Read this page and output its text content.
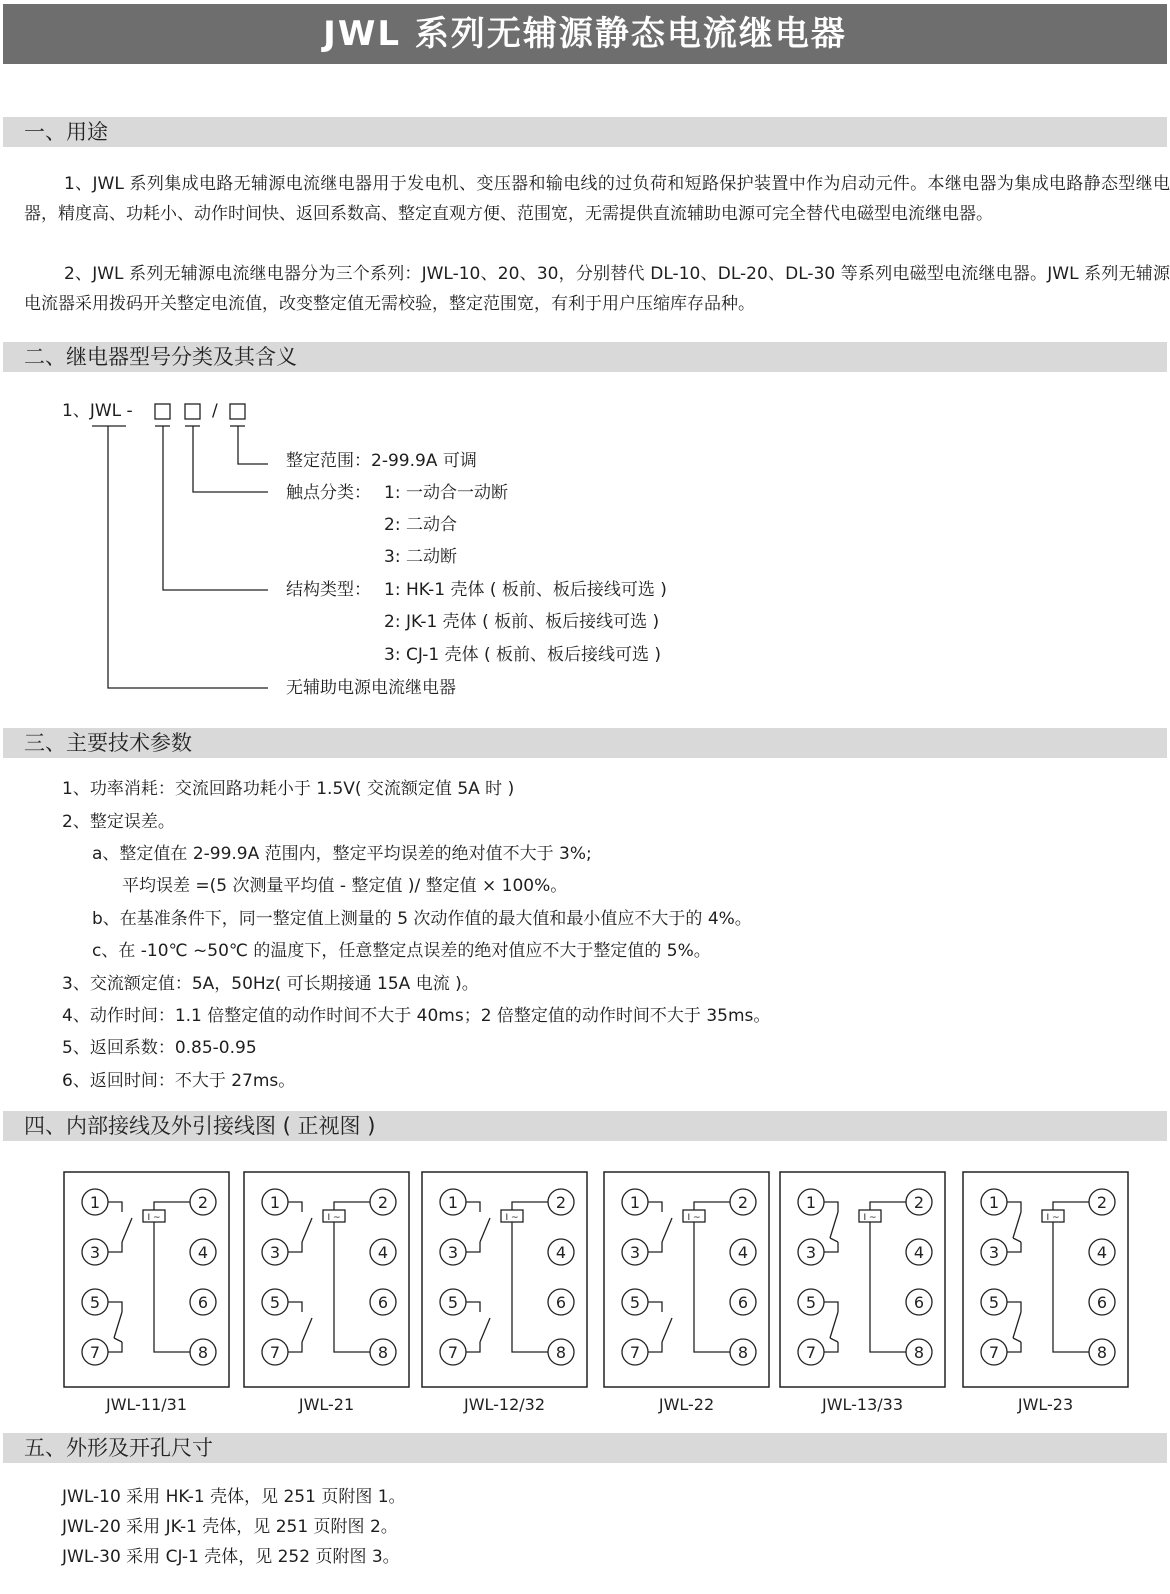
JWL 系列无辅源静态电流继电器
一、用途
1、JWL 系列集成电路无辅源电流继电器用于发电机、变压器和输电线的过负荷和短路保护装置中作为启动元件。本继电器为集成电路静态型继电器，精度高、功耗小、动作时间快、返回系数高、整定直观方便、范围宽，无需提供直流辅助电源可完全替代电磁型电流继电器。
2、JWL 系列无辅源电流继电器分为三个系列：JWL-10、20、30，分别替代 DL-10、DL-20、DL-30 等系列电磁型电流继电器。JWL 系列无辅源电流器采用拨码开关整定电流值，改变整定值无需校验，整定范围宽，有利于用户压缩库存品种。
二、继电器型号分类及其含义
1、JWL -	/
整定范围：2-99.9A 可调
触点分类： 1: 一动合一动断
2: 二动合
3: 二动断
结构类型： 1: HK-1 壳体 ( 板前、板后接线可选 )
2: JK-1 壳体 ( 板前、板后接线可选 )
3: CJ-1 壳体 ( 板前、板后接线可选 )
无辅助电源电流继电器
三、主要技术参数
1、功率消耗：交流回路功耗小于 1.5V( 交流额定值 5A 时 )
2、整定误差。
a、整定值在 2-99.9A 范围内，整定平均误差的绝对值不大于 3%;
平均误差 =(5 次测量平均值 - 整定值 )/ 整定值 × 100%。
b、在基准条件下，同一整定值上测量的 5 次动作值的最大值和最小值应不大于的 4%。
c、在 -10℃ ~50℃ 的温度下，任意整定点误差的绝对值应不大于整定值的 5%。
3、交流额定值：5A，50Hz( 可长期接通 15A 电流 )。
4、动作时间：1.1 倍整定值的动作时间不大于 40ms；2 倍整定值的动作时间不大于 35ms。
5、返回系数：0.85-0.95
6、返回时间：不大于 27ms。
四、内部接线及外引接线图 ( 正视图 )
1	2
3	4
5	6
7	8
I ~
JWL-11/31
1	2
3	4
5	6
7	8
I ~
JWL-21
1	2
3	4
5	6
7	8
I ~
JWL-12/32
1	2
3	4
5	6
7	8
I ~
JWL-22
1	2
3	4
5	6
7	8
I ~
JWL-13/33
1	2
3	4
5	6
7	8
I ~
JWL-23
五、外形及开孔尺寸
JWL-10 采用 HK-1 壳体，见 251 页附图 1。
JWL-20 采用 JK-1 壳体，见 251 页附图 2。
JWL-30 采用 CJ-1 壳体，见 252 页附图 3。
